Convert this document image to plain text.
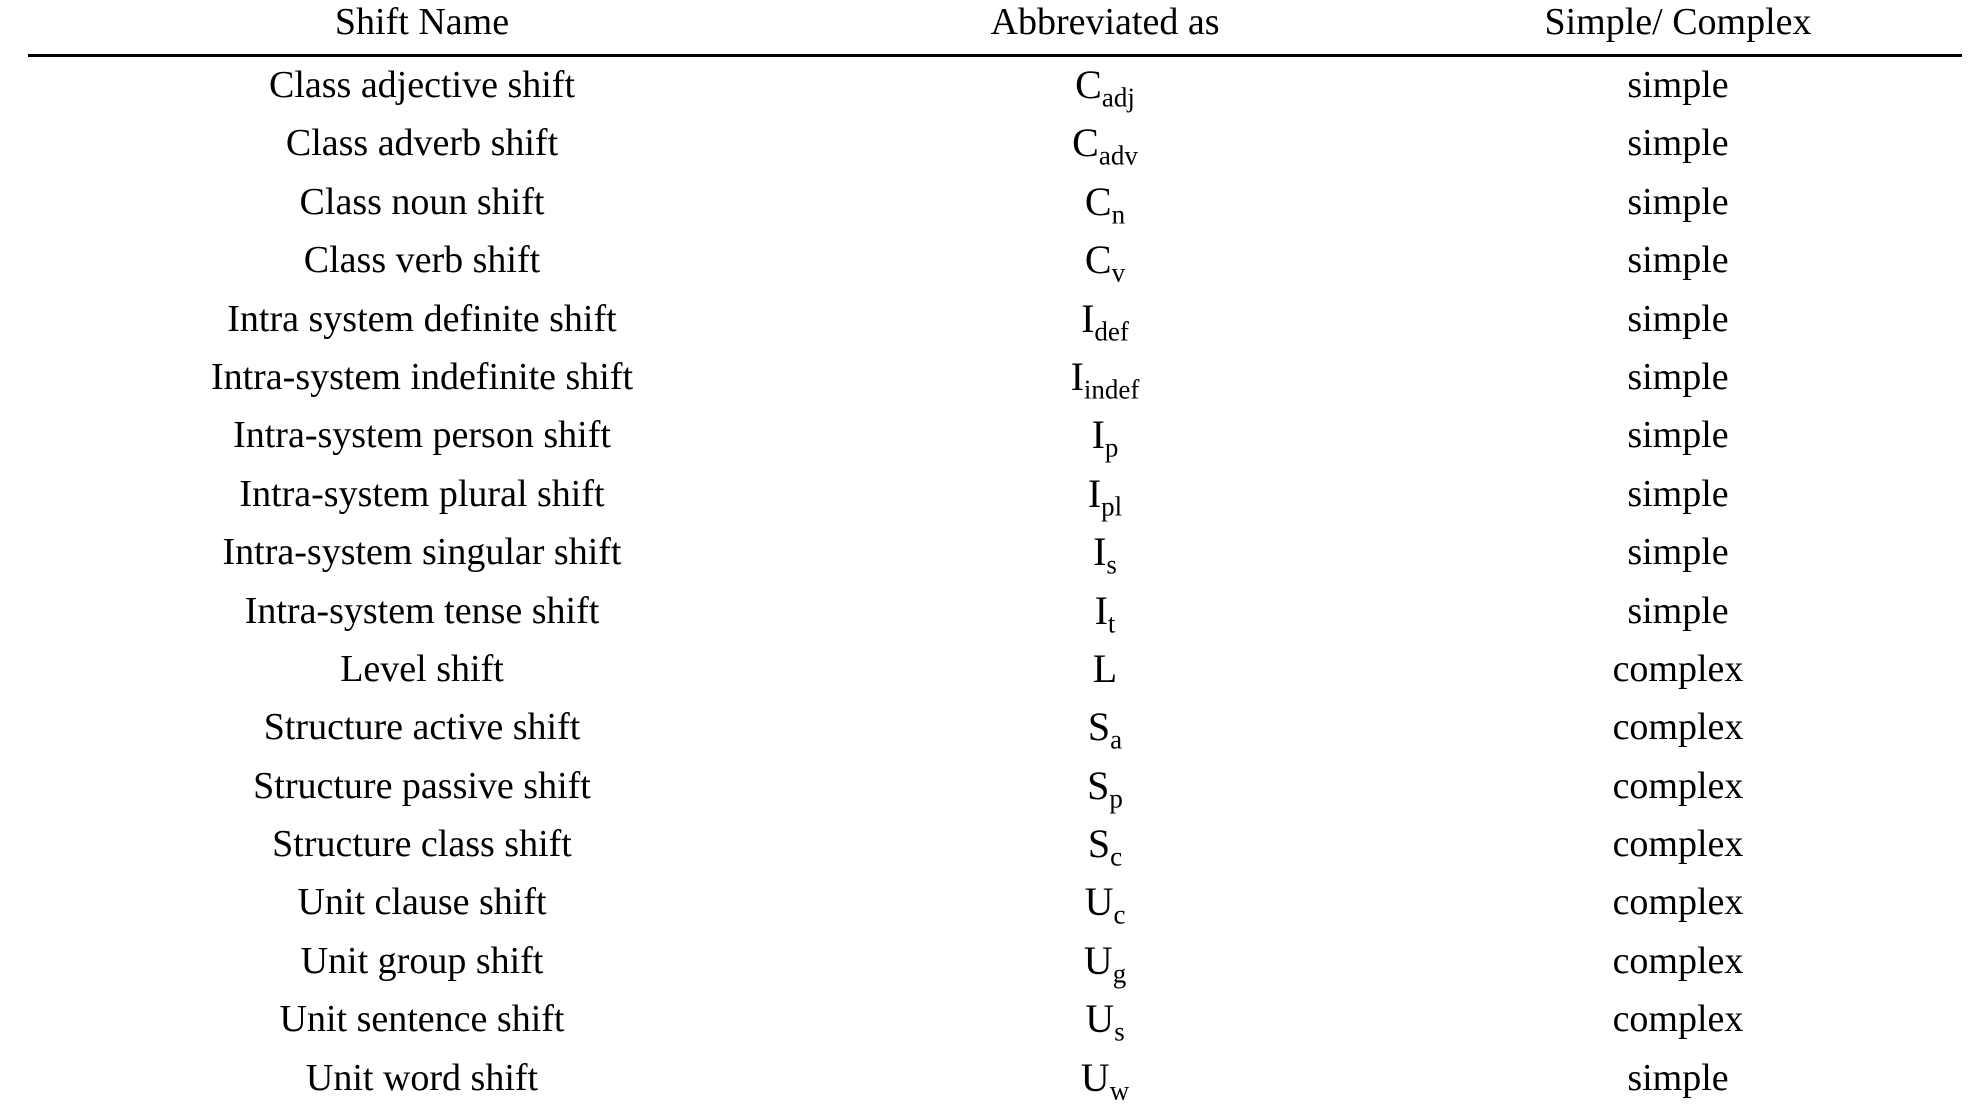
Shift Name	Abbreviated as	Simple/ Complex
Class adjective shift	$C_{adj}$	simple
Class adverb shift	$C_{adv}$	simple
Class noun shift	$C_n$	simple
Class verb shift	$C_v$	simple
Intra system definite shift	$I_{def}$	simple
Intra-system indefinite shift	$I_{indef}$	simple
Intra-system person shift	$I_p$	simple
Intra-system plural shift	$I_{pl}$	simple
Intra-system singular shift	$I_s$	simple
Intra-system tense shift	$I_t$	simple
Level shift	L	complex
Structure active shift	$S_a$	complex
Structure passive shift	$S_p$	complex
Structure class shift	$S_c$	complex
Unit clause shift	$U_c$	complex
Unit group shift	$U_g$	complex
Unit sentence shift	$U_s$	complex
Unit word shift	$U_w$	simple
